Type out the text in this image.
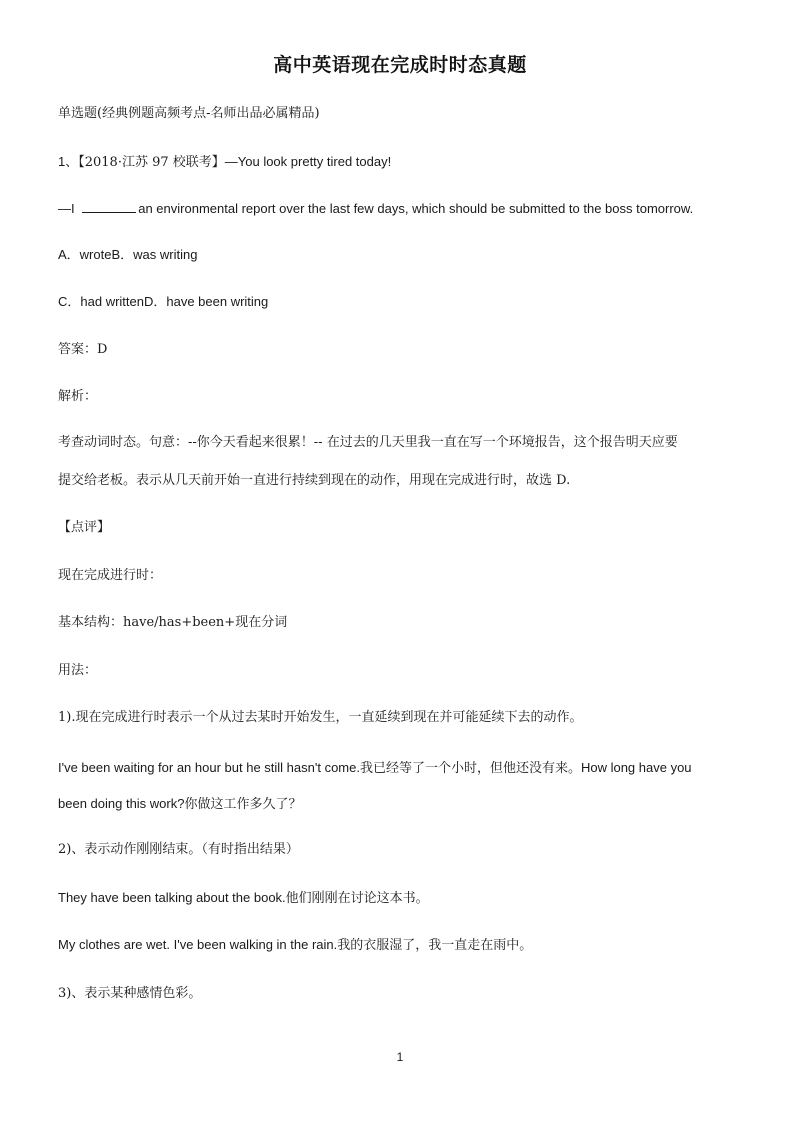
高中英语现在完成时时态真题
单选题(经典例题高频考点-名师出品必属精品)
1、【2018·江苏 97 校联考】—You look pretty tired today!
—I	an environmental report over the last few days, which should be submitted to the boss tomorrow.
A．wroteB．was writing
C．had writtenD．have been writing
答案：D
解析：
考查动词时态。句意：--你今天看起来很累！-- 在过去的几天里我一直在写一个环境报告，这个报告明天应要
提交给老板。表示从几天前开始一直进行持续到现在的动作，用现在完成进行时，故选 D.
【点评】
现在完成进行时：
基本结构：have/has+been+现在分词
用法：
1).现在完成进行时表示一个从过去某时开始发生，一直延续到现在并可能延续下去的动作。
I've been waiting for an hour but he still hasn't come.我已经等了一个小时，但他还没有来。How long have you
been doing this work?你做这工作多久了？
2)、表示动作刚刚结束。（有时指出结果）
They have been talking about the book.他们刚刚在讨论这本书。
My clothes are wet. I've been walking in the rain.我的衣服湿了，我一直走在雨中。
3)、表示某种感情色彩。
1
